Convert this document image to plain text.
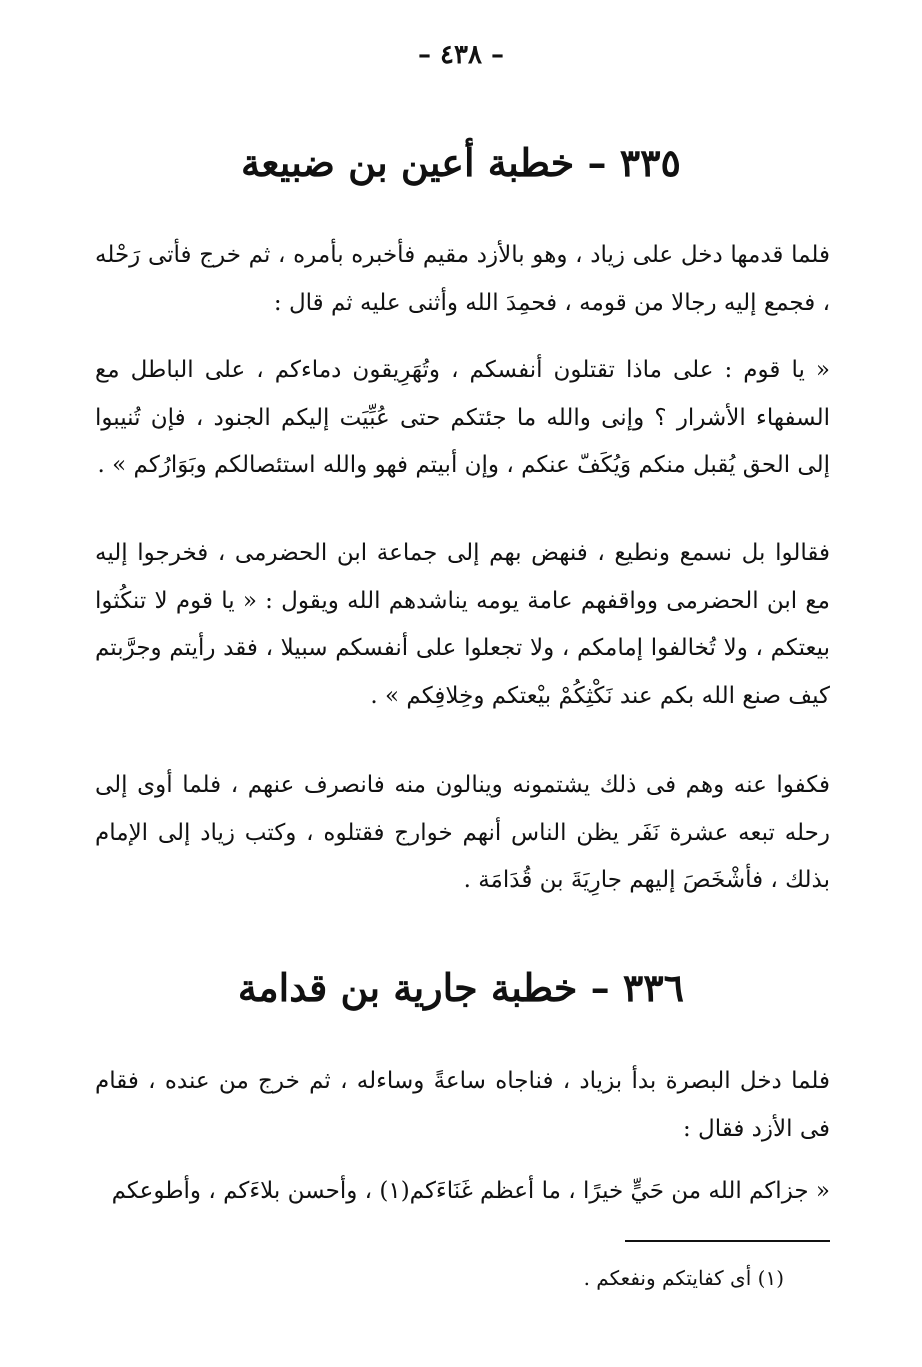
– ٤٣٨ –
٣٣٥ – خطبة أعين بن ضبيعة
فلما قدمها دخل على زياد ، وهو بالأزد مقيم فأخبره بأمره ، ثم خرج فأتى رَحْله ، فجمع إليه رجالا من قومه ، فحمِدَ الله وأثنى عليه ثم قال :
« يا قوم : على ماذا تقتلون أنفسكم ، وتُهَرِيقون دماءكم ، على الباطل مع السفهاء الأشرار ؟ وإنى والله ما جئتكم حتى عُبِّيَت إليكم الجنود ، فإن تُنيبوا إلى الحق يُقبل منكم وَيُكَفّ عنكم ، وإن أبيتم فهو والله استئصالكم وبَوَارُكم » .
فقالوا بل نسمع ونطيع ، فنهض بهم إلى جماعة ابن الحضرمى ، فخرجوا إليه مع ابن الحضرمى وواقفهم عامة يومه يناشدهم الله ويقول : « يا قوم لا تنكُثوا بيعتكم ، ولا تُخالفوا إمامكم ، ولا تجعلوا على أنفسكم سبيلا ، فقد رأيتم وجرَّبتم كيف صنع الله بكم عند نَكْثِكُمْ بيْعتكم وخِلافِكم » .
فكفوا عنه وهم فى ذلك يشتمونه وينالون منه فانصرف عنهم ، فلما أوى إلى رحله تبعه عشرة نَفَر يظن الناس أنهم خوارج فقتلوه ، وكتب زياد إلى الإمام بذلك ، فأشْخَصَ إليهم جارِيَةَ بن قُدَامَة .
٣٣٦ – خطبة جارية بن قدامة
فلما دخل البصرة بدأ بزياد ، فناجاه ساعةً وساءله ، ثم خرج من عنده ، فقام فى الأزد فقال :
« جزاكم الله من حَيٍّ خيرًا ، ما أعظم غَنَاءَكم(١) ، وأحسن بلاءَكم ، وأطوعكم
(١) أى كفايتكم ونفعكم .
